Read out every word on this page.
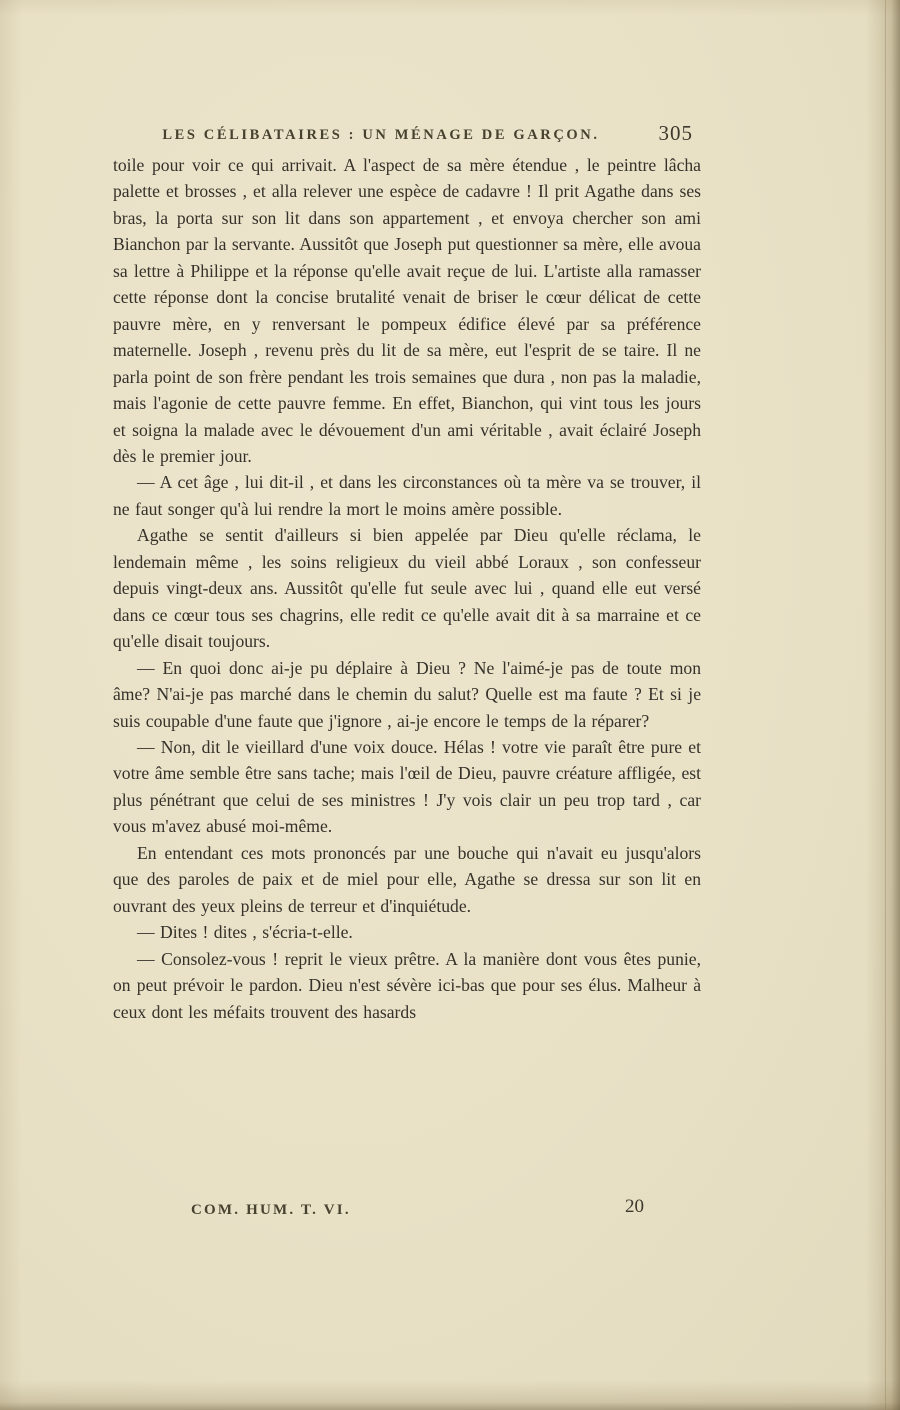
LES CÉLIBATAIRES : UN MÉNAGE DE GARÇON.	305

toile pour voir ce qui arrivait. A l'aspect de sa mère étendue , le peintre lâcha palette et brosses , et alla relever une espèce de cadavre ! Il prit Agathe dans ses bras, la porta sur son lit dans son appartement , et envoya chercher son ami Bianchon par la servante. Aussitôt que Joseph put questionner sa mère, elle avoua sa lettre à Philippe et la réponse qu'elle avait reçue de lui. L'artiste alla ramasser cette réponse dont la concise brutalité venait de briser le cœur délicat de cette pauvre mère, en y renversant le pompeux édifice élevé par sa préférence maternelle. Joseph , revenu près du lit de sa mère, eut l'esprit de se taire. Il ne parla point de son frère pendant les trois semaines que dura , non pas la maladie, mais l'agonie de cette pauvre femme. En effet, Bianchon, qui vint tous les jours et soigna la malade avec le dévouement d'un ami véritable , avait éclairé Joseph dès le premier jour.

— A cet âge , lui dit-il , et dans les circonstances où ta mère va se trouver, il ne faut songer qu'à lui rendre la mort le moins amère possible.

Agathe se sentit d'ailleurs si bien appelée par Dieu qu'elle réclama, le lendemain même , les soins religieux du vieil abbé Loraux , son confesseur depuis vingt-deux ans. Aussitôt qu'elle fut seule avec lui , quand elle eut versé dans ce cœur tous ses chagrins, elle redit ce qu'elle avait dit à sa marraine et ce qu'elle disait toujours.

— En quoi donc ai-je pu déplaire à Dieu ? Ne l'aimé-je pas de toute mon âme? N'ai-je pas marché dans le chemin du salut? Quelle est ma faute ? Et si je suis coupable d'une faute que j'ignore , ai-je encore le temps de la réparer?

— Non, dit le vieillard d'une voix douce. Hélas ! votre vie paraît être pure et votre âme semble être sans tache; mais l'œil de Dieu, pauvre créature affligée, est plus pénétrant que celui de ses ministres ! J'y vois clair un peu trop tard , car vous m'avez abusé moi-même.

En entendant ces mots prononcés par une bouche qui n'avait eu jusqu'alors que des paroles de paix et de miel pour elle, Agathe se dressa sur son lit en ouvrant des yeux pleins de terreur et d'inquiétude.

— Dites ! dites , s'écria-t-elle.

— Consolez-vous ! reprit le vieux prêtre. A la manière dont vous êtes punie, on peut prévoir le pardon. Dieu n'est sévère ici-bas que pour ses élus. Malheur à ceux dont les méfaits trouvent des hasards

COM. HUM. T. VI.	20
